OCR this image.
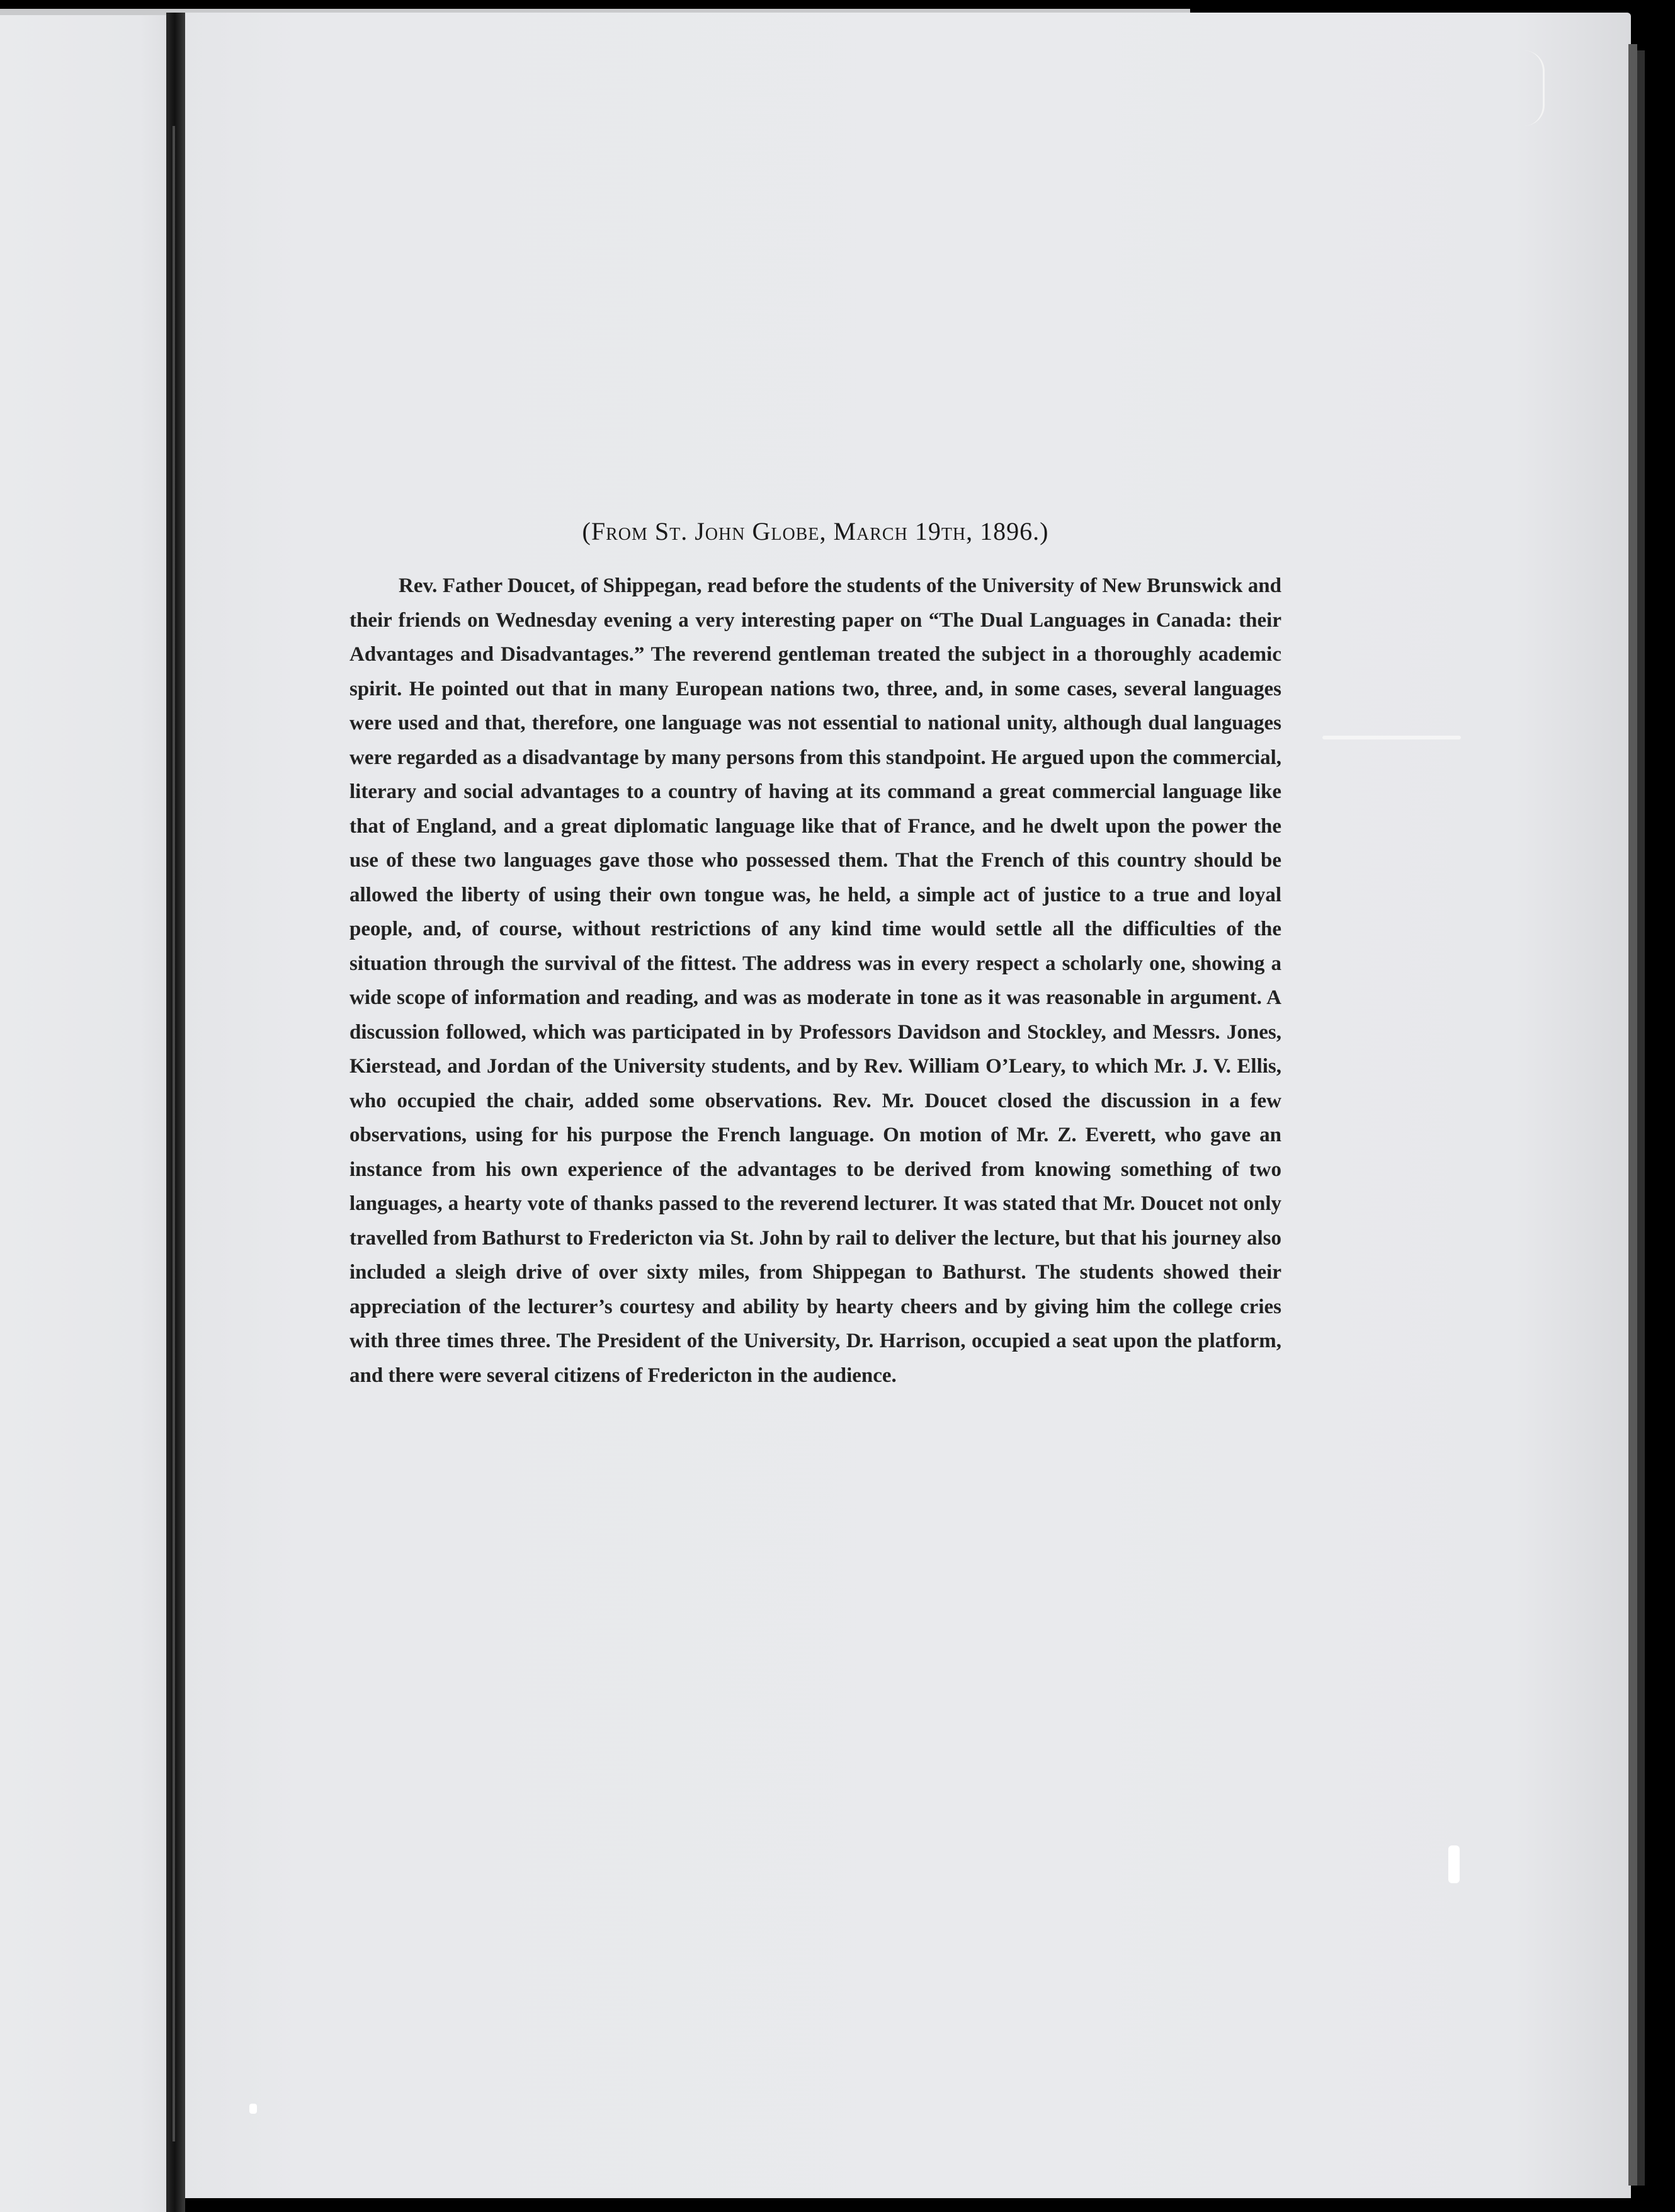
(From St. John Globe, March 19th, 1896.)

Rev. Father Doucet, of Shippegan, read before the students of the University of New Brunswick and their friends on Wednesday evening a very interesting paper on “The Dual Languages in Canada: their Advantages and Disadvantages.” The reverend gentleman treated the subject in a thoroughly academic spirit. He pointed out that in many European nations two, three, and, in some cases, several languages were used and that, therefore, one language was not essential to national unity, although dual languages were regarded as a disadvantage by many persons from this standpoint. He argued upon the commercial, literary and social advantages to a country of having at its command a great commercial language like that of England, and a great diplomatic language like that of France, and he dwelt upon the power the use of these two languages gave those who possessed them. That the French of this country should be allowed the liberty of using their own tongue was, he held, a simple act of justice to a true and loyal people, and, of course, without restrictions of any kind time would settle all the difficulties of the situation through the survival of the fittest. The address was in every respect a scholarly one, showing a wide scope of information and reading, and was as moderate in tone as it was reasonable in argument. A discussion followed, which was participated in by Professors Davidson and Stockley, and Messrs. Jones, Kierstead, and Jordan of the University students, and by Rev. William O’Leary, to which Mr. J. V. Ellis, who occupied the chair, added some observations. Rev. Mr. Doucet closed the discussion in a few observations, using for his purpose the French language. On motion of Mr. Z. Everett, who gave an instance from his own experience of the advantages to be derived from knowing something of two languages, a hearty vote of thanks passed to the reverend lecturer. It was stated that Mr. Doucet not only travelled from Bathurst to Fredericton via St. John by rail to deliver the lecture, but that his journey also included a sleigh drive of over sixty miles, from Shippegan to Bathurst. The students showed their appreciation of the lecturer’s courtesy and ability by hearty cheers and by giving him the college cries with three times three. The President of the University, Dr. Harrison, occupied a seat upon the platform, and there were several citizens of Fredericton in the audience.
